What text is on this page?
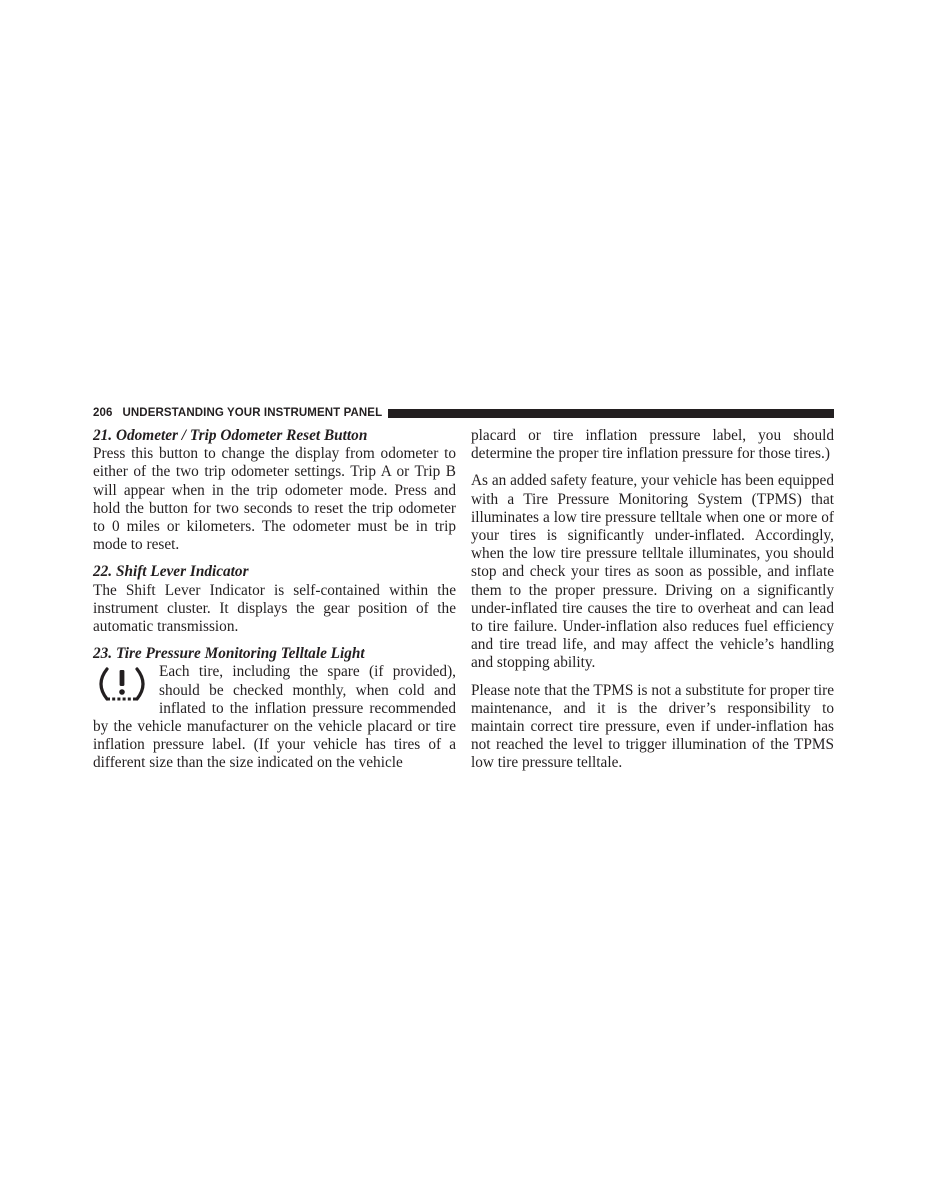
206 UNDERSTANDING YOUR INSTRUMENT PANEL

21. Odometer / Trip Odometer Reset Button

Press this button to change the display from odometer to either of the two trip odometer settings. Trip A or Trip B will appear when in the trip odometer mode. Press and hold the button for two seconds to reset the trip odometer to 0 miles or kilometers. The odometer must be in trip mode to reset.

22. Shift Lever Indicator

The Shift Lever Indicator is self-contained within the instrument cluster. It displays the gear position of the automatic transmission.

23. Tire Pressure Monitoring Telltale Light

Each tire, including the spare (if provided), should be checked monthly, when cold and inflated to the inflation pressure recommended by the vehicle manufacturer on the vehicle placard or tire inflation pressure label. (If your vehicle has tires of a different size than the size indicated on the vehicle

placard or tire inflation pressure label, you should determine the proper tire inflation pressure for those tires.)

As an added safety feature, your vehicle has been equipped with a Tire Pressure Monitoring System (TPMS) that illuminates a low tire pressure telltale when one or more of your tires is significantly under-inflated. Accordingly, when the low tire pressure telltale illuminates, you should stop and check your tires as soon as possible, and inflate them to the proper pressure. Driving on a significantly under-inflated tire causes the tire to overheat and can lead to tire failure. Under-inflation also reduces fuel efficiency and tire tread life, and may affect the vehicle’s handling and stopping ability.

Please note that the TPMS is not a substitute for proper tire maintenance, and it is the driver’s responsibility to maintain correct tire pressure, even if under-inflation has not reached the level to trigger illumination of the TPMS low tire pressure telltale.
